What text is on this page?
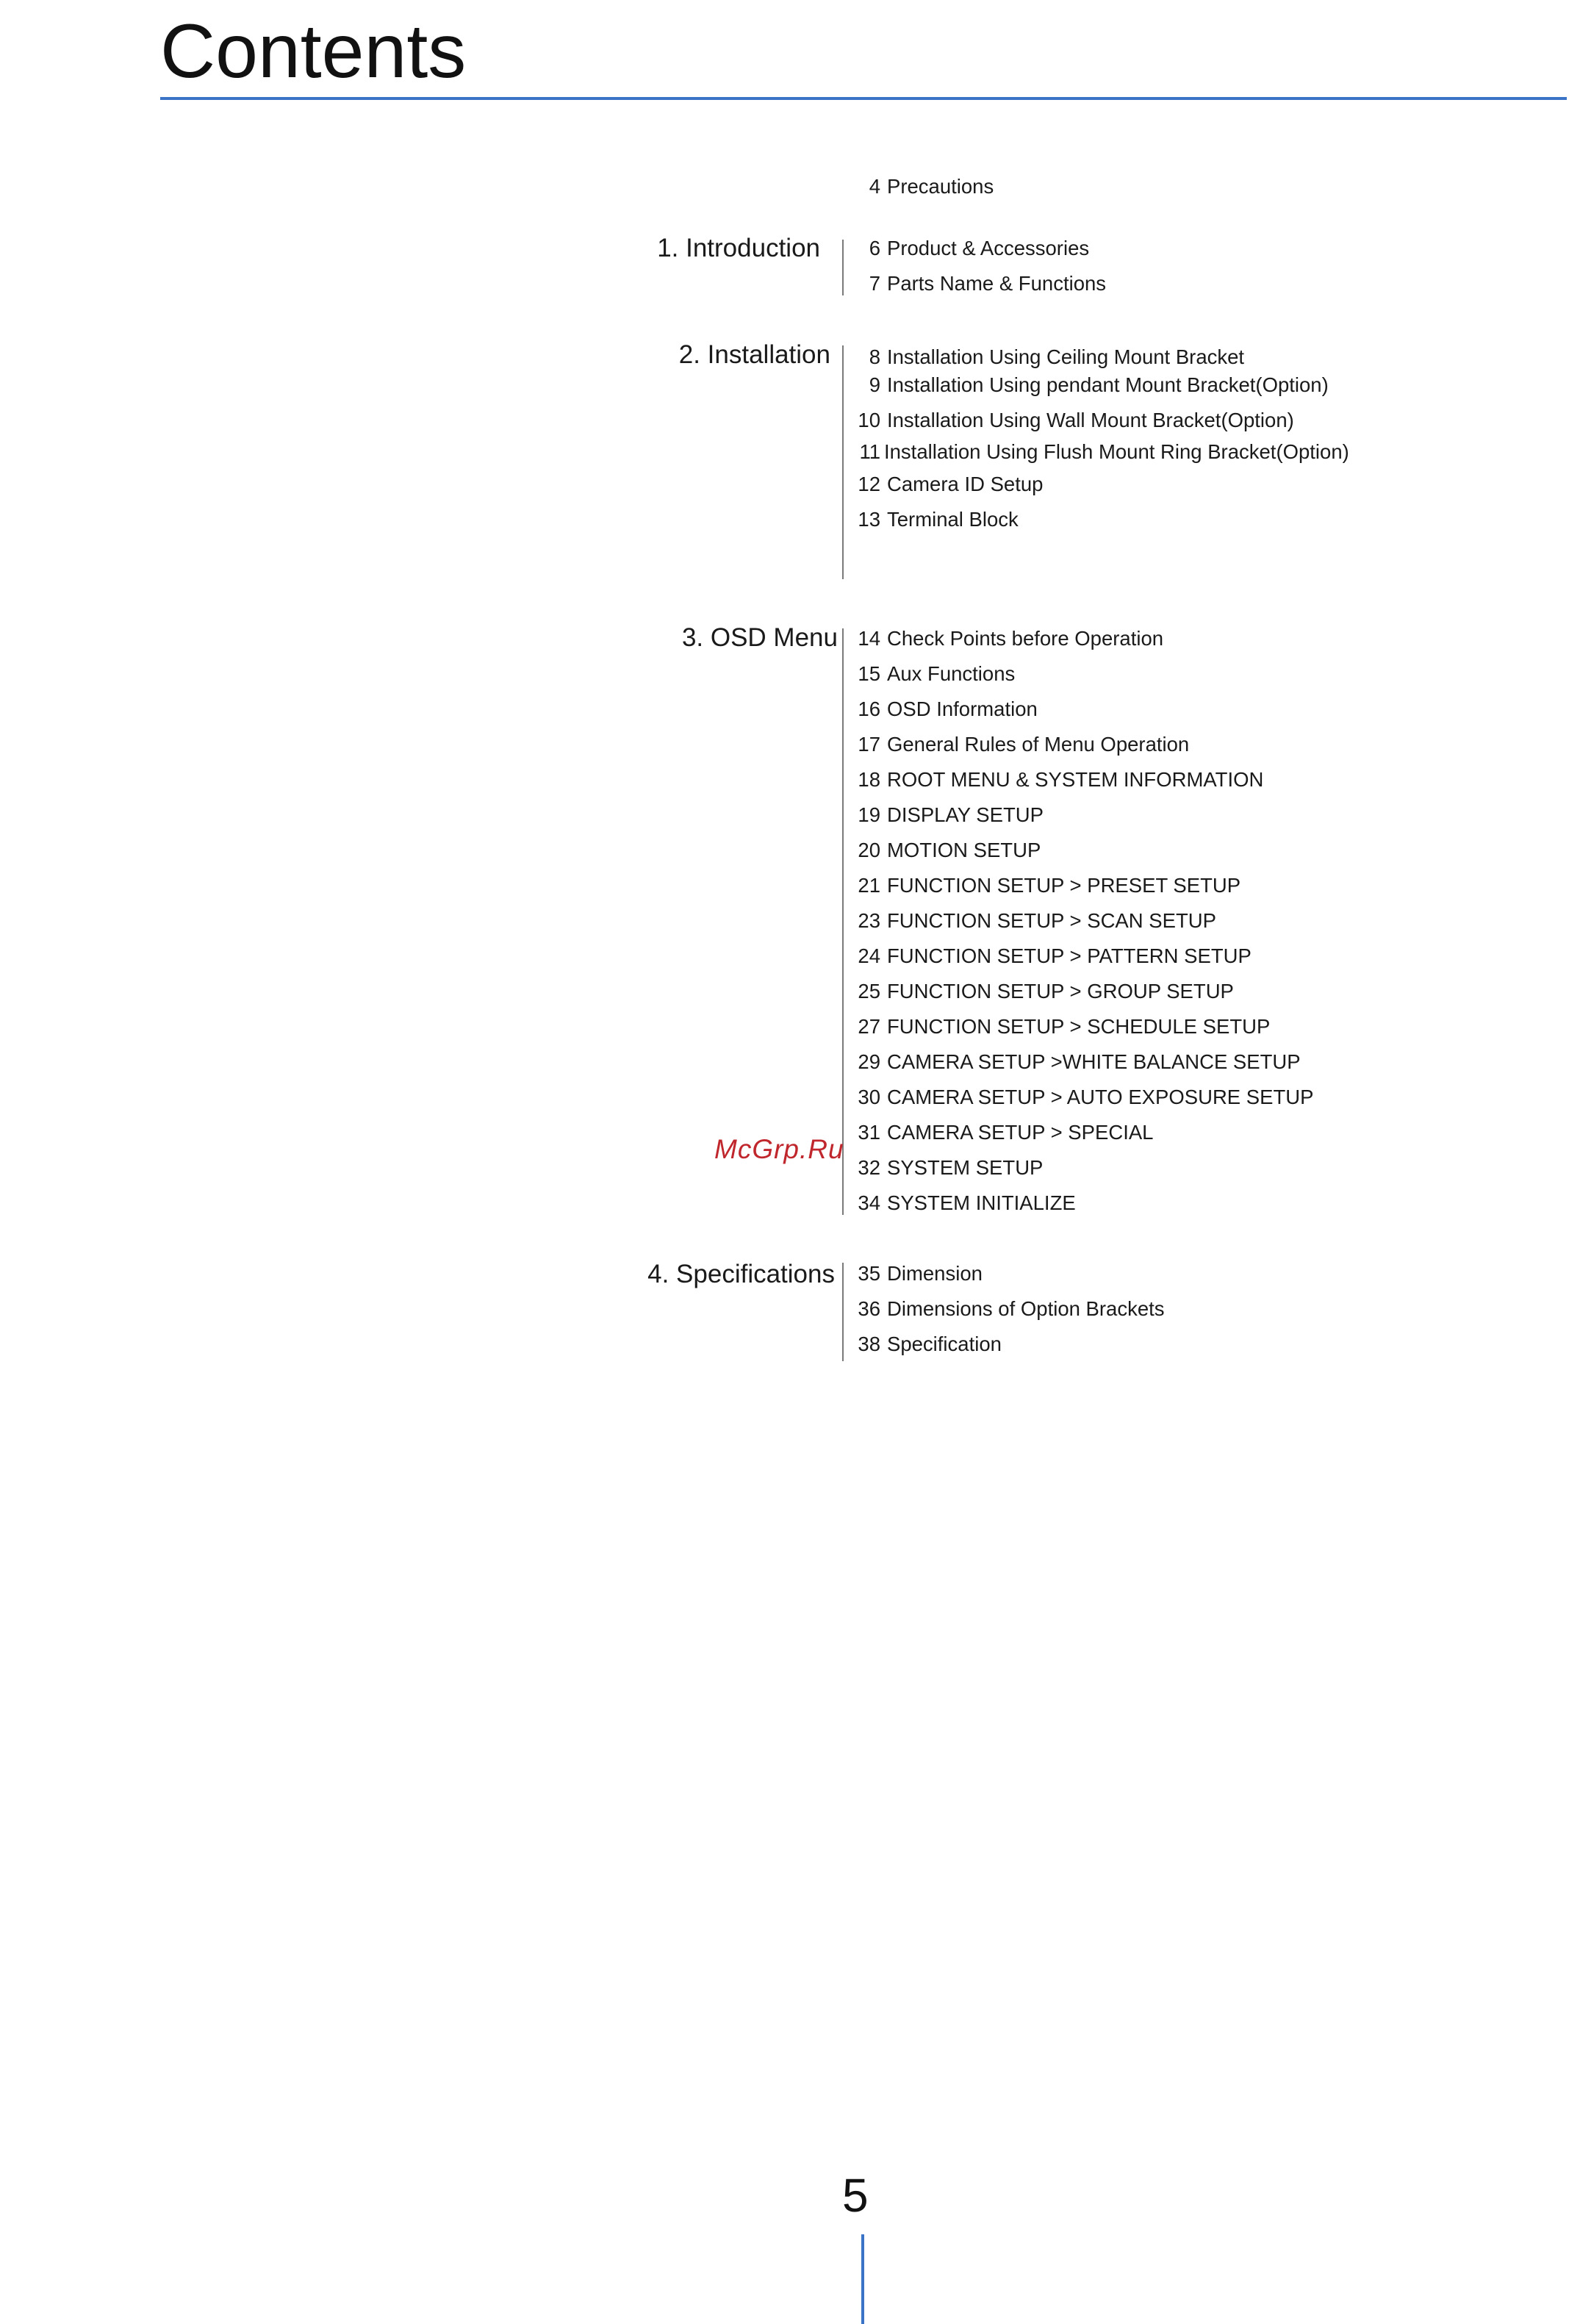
Contents
4 Precautions
1. Introduction	6 Product & Accessories
7 Parts Name & Functions
2. Installation	8 Installation Using Ceiling Mount Bracket
9 Installation Using pendant Mount Bracket(Option)
10 Installation Using Wall Mount Bracket(Option)
11 Installation Using Flush Mount Ring Bracket(Option)
12 Camera ID Setup
13 Terminal Block
3. OSD Menu 14 Check Points before Operation
15 Aux Functions
16 OSD Information
17 General Rules of Menu Operation
18 ROOT MENU & SYSTEM INFORMATION
19 DISPLAY SETUP
20 MOTION SETUP
21 FUNCTION SETUP > PRESET SETUP
23 FUNCTION SETUP > SCAN SETUP
24 FUNCTION SETUP > PATTERN SETUP
25 FUNCTION SETUP > GROUP SETUP
27 FUNCTION SETUP > SCHEDULE SETUP
29 CAMERA SETUP >WHITE BALANCE SETUP
30 CAMERA SETUP > AUTO EXPOSURE SETUP
31 CAMERA SETUP > SPECIAL
32 SYSTEM SETUP
34 SYSTEM INITIALIZE
McGrp.Ru
4. Specifications	35 Dimension
36 Dimensions of Option Brackets
38 Specification
5
